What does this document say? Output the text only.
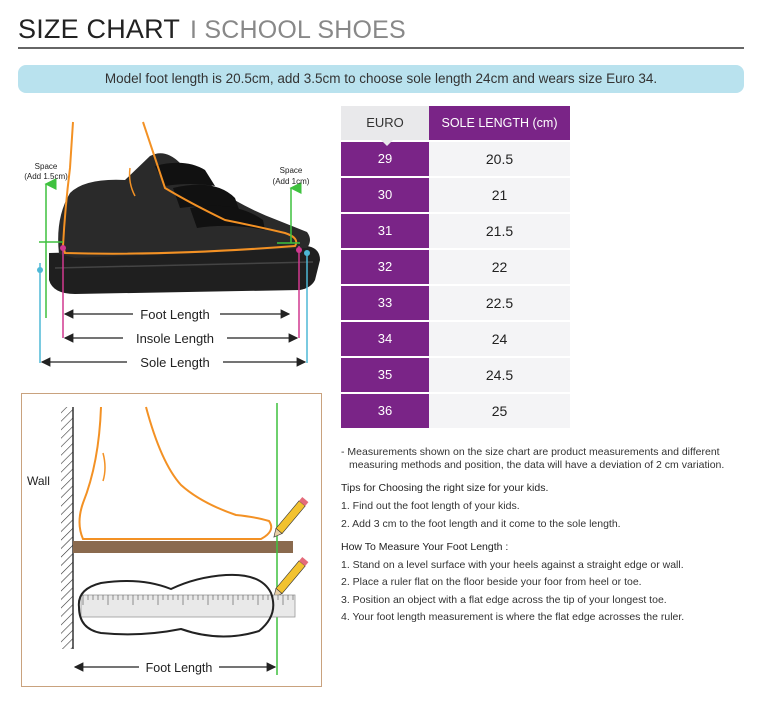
SIZE CHART I SCHOOL SHOES
Model foot length is 20.5cm, add 3.5cm to choose sole length 24cm and wears size Euro 34.
Foot Length
Insole Length
Sole Length
Space
(Add 1.5cm)
Space
(Add 1cm)
Wall
Foot Length
EURO	SOLE LENGTH (cm)
29	20.5
30	21
31	21.5
32	22
33	22.5
34	24
35	24.5
36	25

- Measurements shown on the size chart are product measurements and different measuring methods and position, the data will have a deviation of 2 cm variation.

Tips for Choosing the right size for your kids.

1. Find out the foot length of your kids.

2. Add 3 cm to the foot length and it come to the sole length.

How To Measure Your Foot Length :

1. Stand on a level surface with your heels against a straight edge or wall.

2. Place a ruler flat on the floor beside your foor from heel or toe.

3. Position an object with a flat edge across the tip of your longest toe.

4. Your foot length measurement is where the flat edge acrosses the ruler.
